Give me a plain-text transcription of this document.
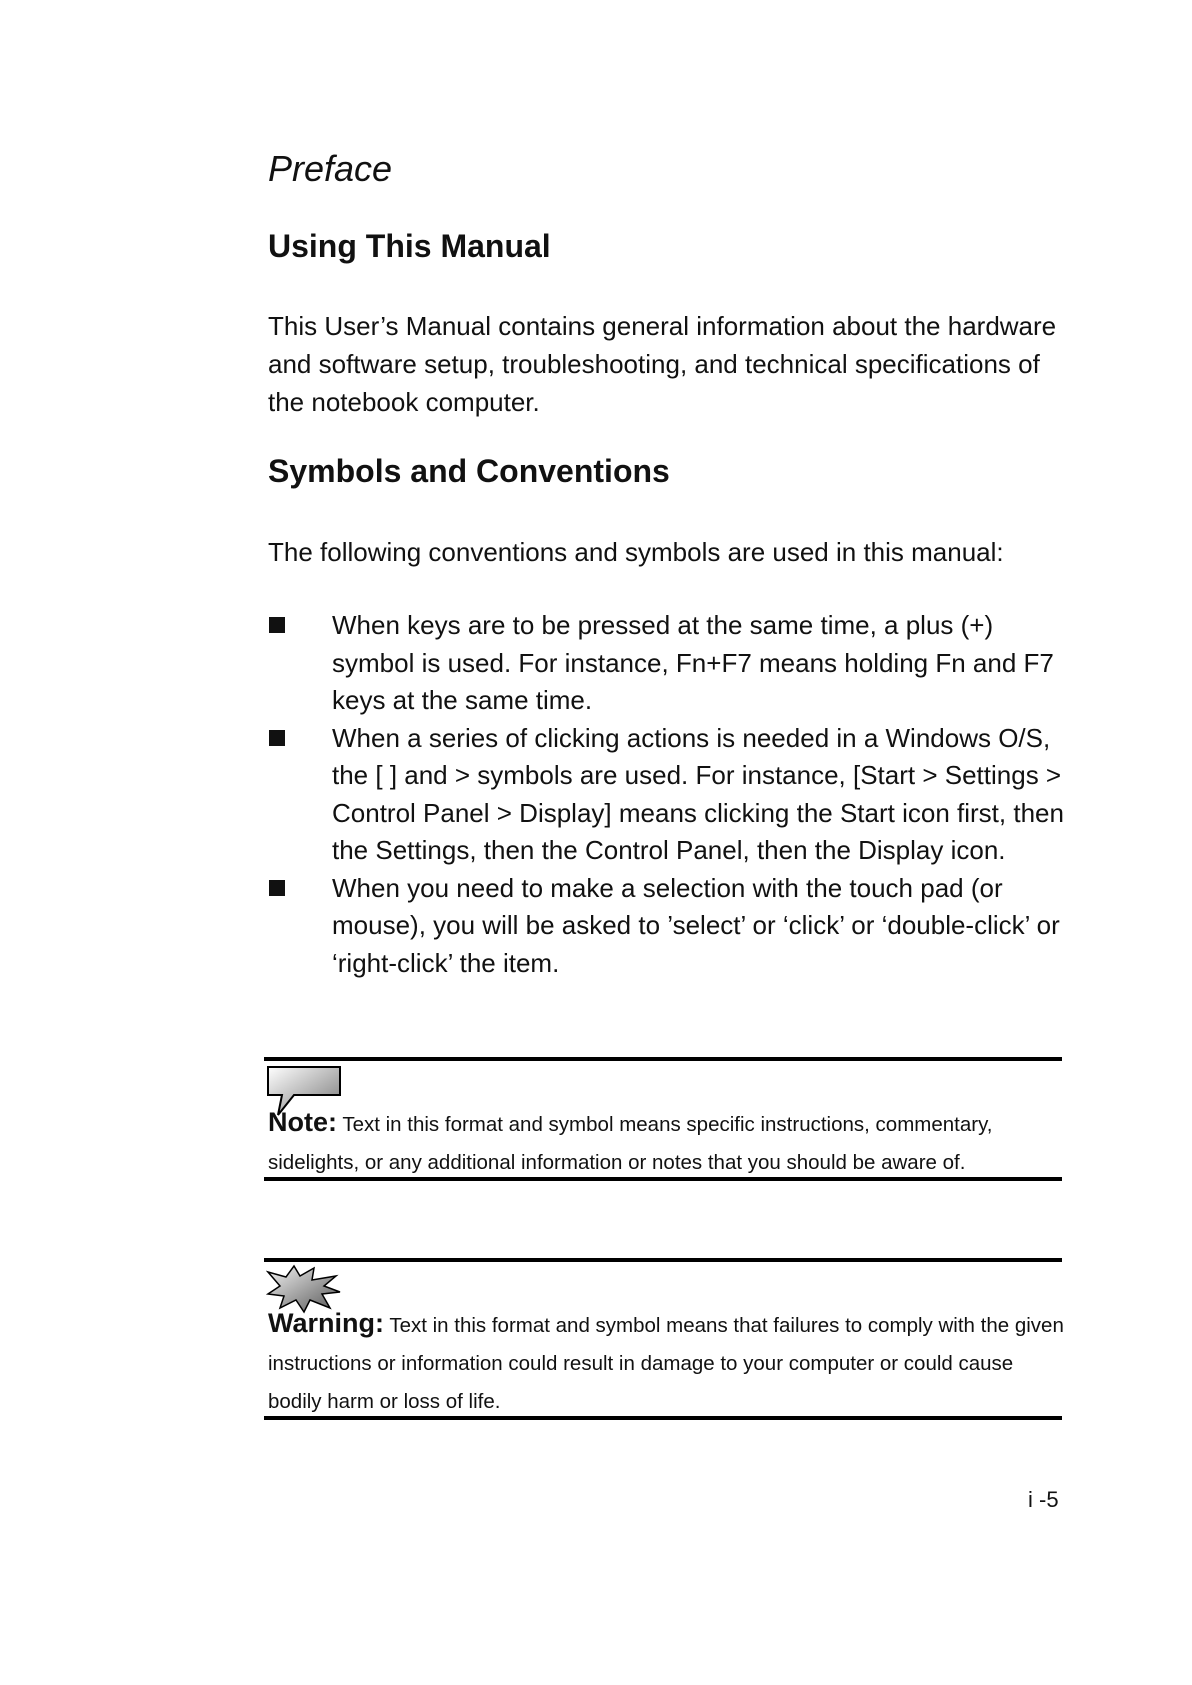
Preface
Using This Manual

This User’s Manual contains general information about the hardware and software setup, troubleshooting, and technical specifications of the notebook computer.

Symbols and Conventions

The following conventions and symbols are used in this manual:

When keys are to be pressed at the same time, a plus (+) symbol is used. For instance, Fn+F7 means holding Fn and F7 keys at the same time.
When a series of clicking actions is needed in a Windows O/S, the [ ] and > symbols are used. For instance, [Start > Settings > Control Panel > Display] means clicking the Start icon first, then the Settings, then the Control Panel, then the Display icon.
When you need to make a selection with the touch pad (or mouse), you will be asked to ’select’ or ‘click’ or ‘double-click’ or ‘right-click’ the item.

Note: Text in this format and symbol means specific instructions, commentary, sidelights, or any additional information or notes that you should be aware of.

Warning: Text in this format and symbol means that failures to comply with the given instructions or information could result in damage to your computer or could cause bodily harm or loss of life.

i -5
